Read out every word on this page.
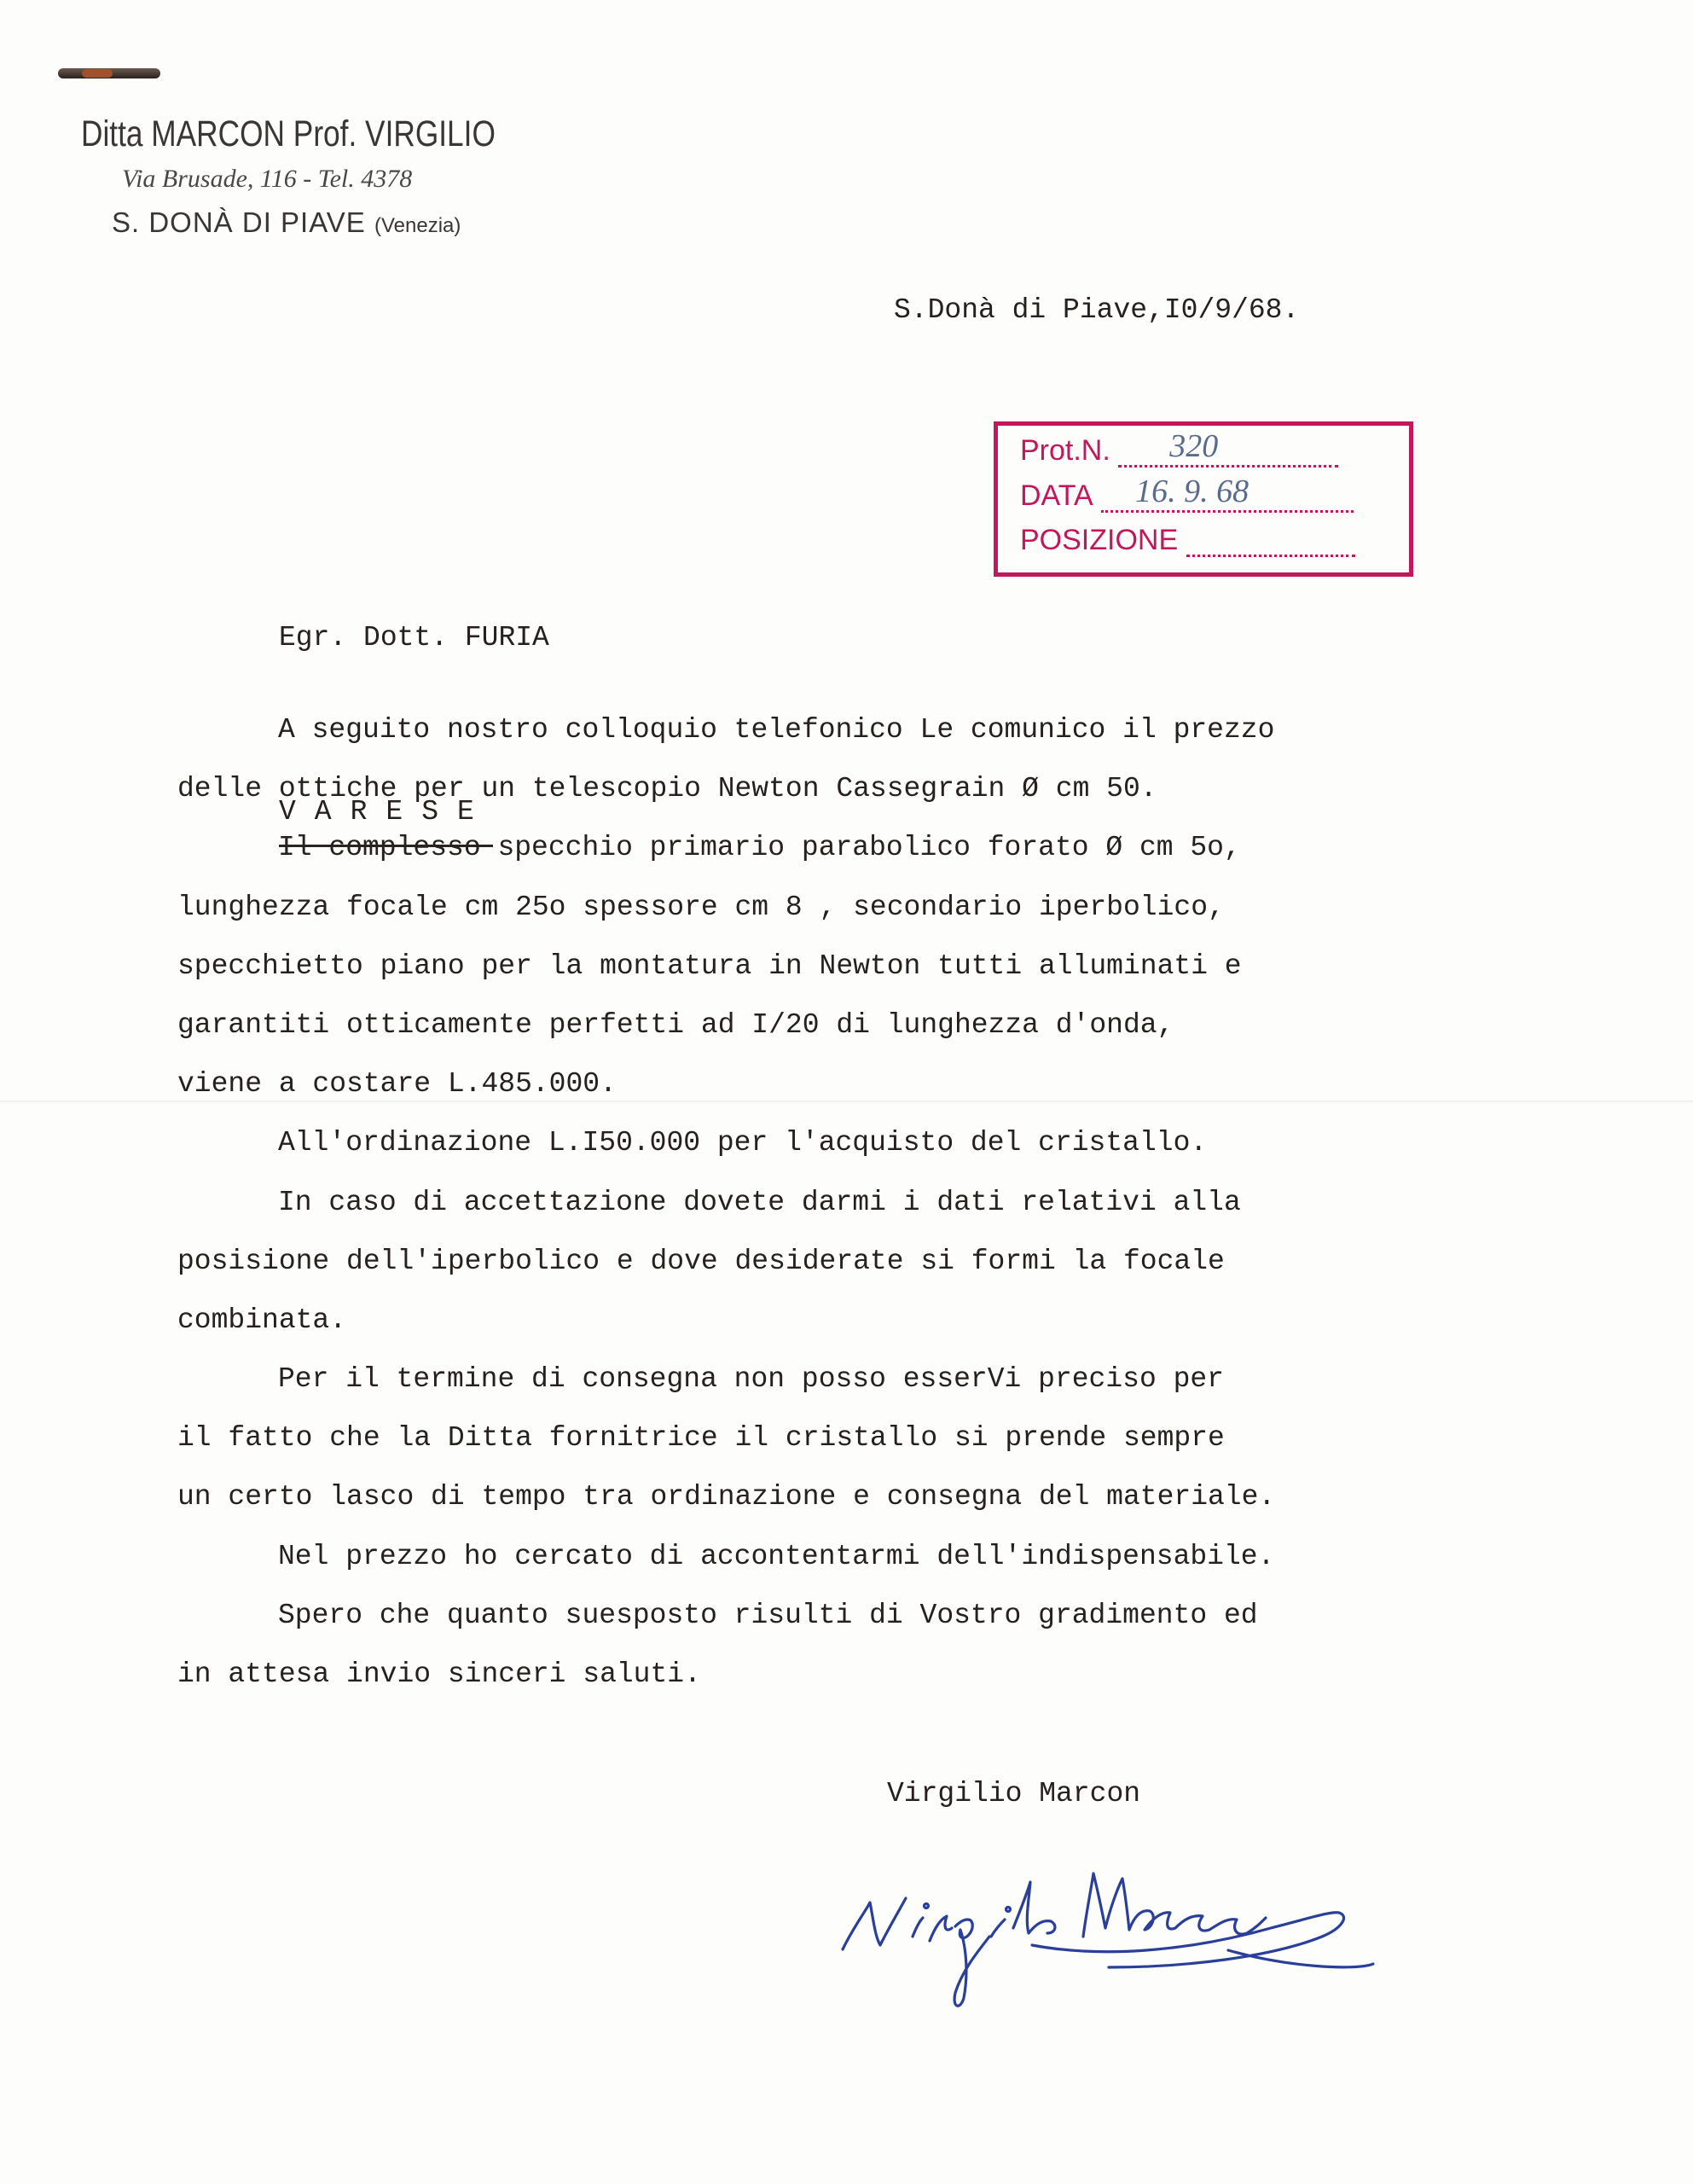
Ditta MARCON Prof. VIRGILIO
Via Brusade, 116 - Tel. 4378
S. DONÀ DI PIAVE (Venezia)
S.Donà di Piave,I0/9/68.
Prot.N. 320
DATA 16. 9. 68
POSIZIONE

Egr. Dott. FURIA

VARESE

A seguito nostro colloquio telefonico Le comunico il prezzo
delle ottiche per un telescopio Newton Cassegrain Ø cm 50.
Il complesso specchio primario parabolico forato Ø cm 5o,
lunghezza focale cm 25o spessore cm 8 , secondario iperbolico,
specchietto piano per la montatura in Newton tutti alluminati e
garantiti otticamente perfetti ad I/20 di lunghezza d'onda,
viene a costare L.485.000.
All'ordinazione L.I50.000 per l'acquisto del cristallo.
In caso di accettazione dovete darmi i dati relativi alla
posisione dell'iperbolico e dove desiderate si formi la focale
combinata.
Per il termine di consegna non posso esserVi preciso per
il fatto che la Ditta fornitrice il cristallo si prende sempre
un certo lasco di tempo tra ordinazione e consegna del materiale.
Nel prezzo ho cercato di accontentarmi dell'indispensabile.
Spero che quanto suesposto risulti di Vostro gradimento ed
in attesa invio sinceri saluti.
Virgilio Marcon
